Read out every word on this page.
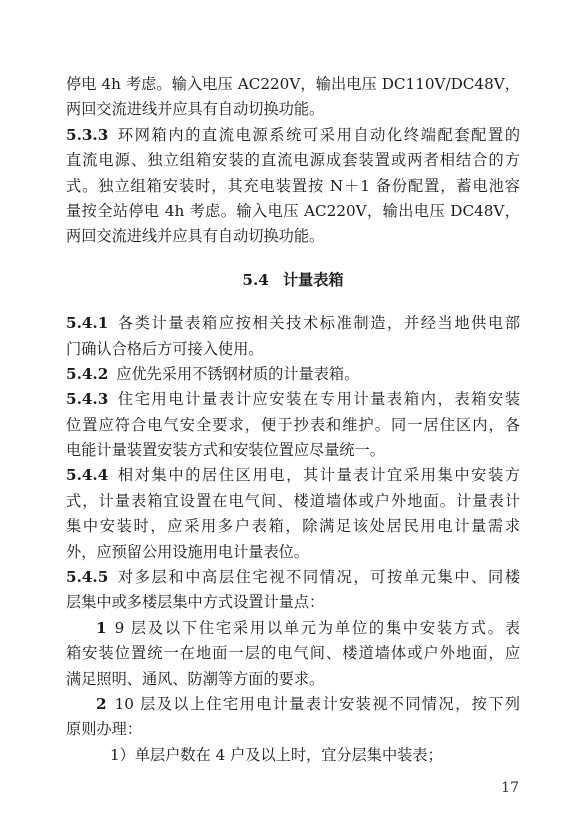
停电 4h 考虑。输入电压 AC220V，输出电压 DC110V/DC48V，
两回交流进线并应具有自动切换功能。
5.3.3 环网箱内的直流电源系统可采用自动化终端配套配置的
直流电源、独立组箱安装的直流电源成套装置或两者相结合的方
式。独立组箱安装时，其充电装置按 N＋1 备份配置，蓄电池容
量按全站停电 4h 考虑。输入电压 AC220V，输出电压 DC48V，
两回交流进线并应具有自动切换功能。
5.4 计量表箱
5.4.1 各类计量表箱应按相关技术标准制造，并经当地供电部
门确认合格后方可接入使用。
5.4.2 应优先采用不锈钢材质的计量表箱。
5.4.3 住宅用电计量表计应安装在专用计量表箱内，表箱安装
位置应符合电气安全要求，便于抄表和维护。同一居住区内，各
电能计量装置安装方式和安装位置应尽量统一。
5.4.4 相对集中的居住区用电，其计量表计宜采用集中安装方
式，计量表箱宜设置在电气间、楼道墙体或户外地面。计量表计
集中安装时，应采用多户表箱，除满足该处居民用电计量需求
外，应预留公用设施用电计量表位。
5.4.5 对多层和中高层住宅视不同情况，可按单元集中、同楼
层集中或多楼层集中方式设置计量点：
1 9 层及以下住宅采用以单元为单位的集中安装方式。表
箱安装位置统一在地面一层的电气间、楼道墙体或户外地面，应
满足照明、通风、防潮等方面的要求。
2 10 层及以上住宅用电计量表计安装视不同情况，按下列
原则办理：
1）单层户数在 4 户及以上时，宜分层集中装表；
17
